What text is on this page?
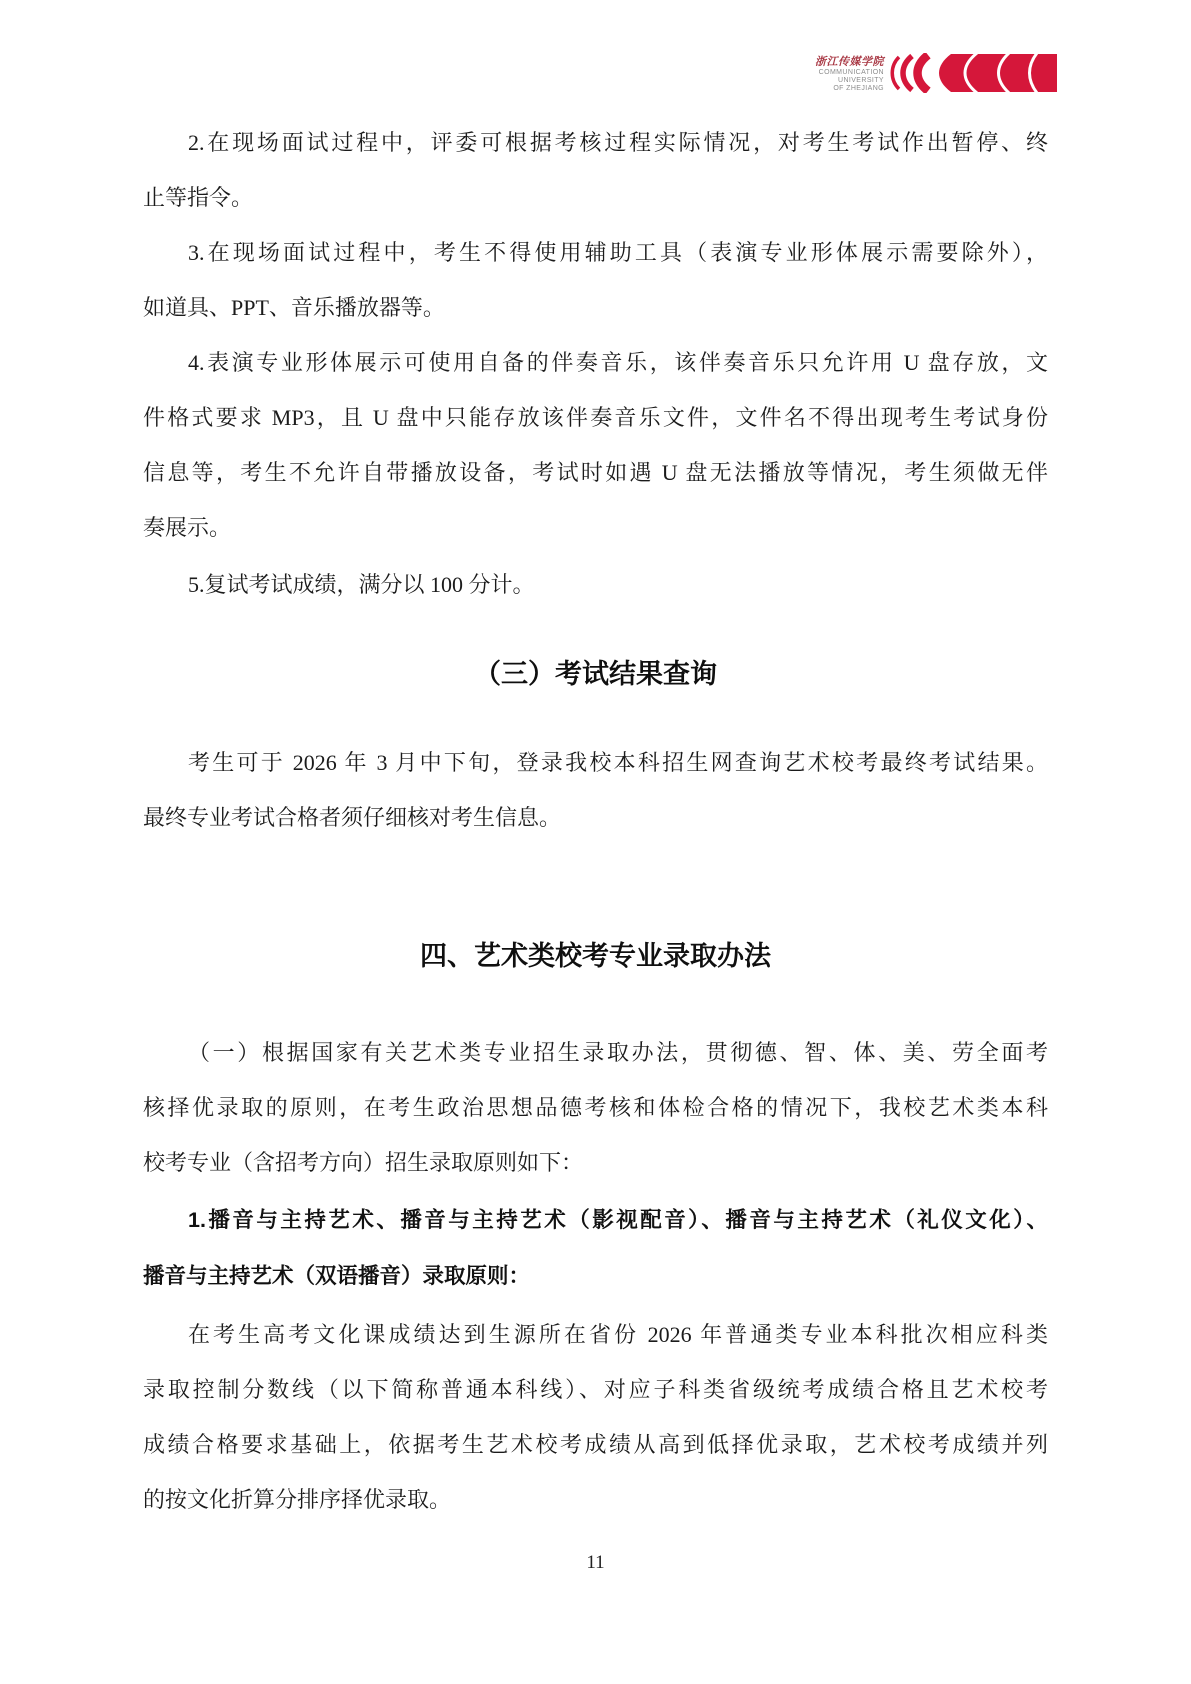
浙江传媒学院
COMMUNICATION
UNIVERSITY
OF ZHEJIANG
2.在现场面试过程中，评委可根据考核过程实际情况，对考生考试作出暂停、终
止等指令。
3.在现场面试过程中，考生不得使用辅助工具（表演专业形体展示需要除外），
如道具、PPT、音乐播放器等。
4.表演专业形体展示可使用自备的伴奏音乐，该伴奏音乐只允许用 U 盘存放，文
件格式要求 MP3，且 U 盘中只能存放该伴奏音乐文件，文件名不得出现考生考试身份
信息等，考生不允许自带播放设备，考试时如遇 U 盘无法播放等情况，考生须做无伴
奏展示。
5.复试考试成绩，满分以 100 分计。
（三）考试结果查询
考生可于 2026 年 3 月中下旬，登录我校本科招生网查询艺术校考最终考试结果。
最终专业考试合格者须仔细核对考生信息。
四、艺术类校考专业录取办法
（一）根据国家有关艺术类专业招生录取办法，贯彻德、智、体、美、劳全面考
核择优录取的原则，在考生政治思想品德考核和体检合格的情况下，我校艺术类本科
校考专业（含招考方向）招生录取原则如下：
1.播音与主持艺术、播音与主持艺术（影视配音）、播音与主持艺术（礼仪文化）、
播音与主持艺术（双语播音）录取原则：
在考生高考文化课成绩达到生源所在省份 2026 年普通类专业本科批次相应科类
录取控制分数线（以下简称普通本科线）、对应子科类省级统考成绩合格且艺术校考
成绩合格要求基础上，依据考生艺术校考成绩从高到低择优录取，艺术校考成绩并列
的按文化折算分排序择优录取。
11
